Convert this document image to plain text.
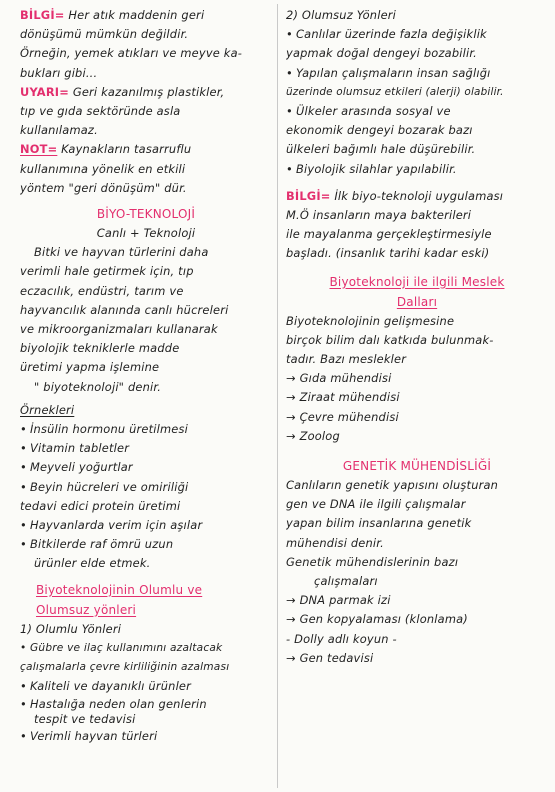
BİLGİ= Her atık maddenin geri
dönüşümü mümkün değildir.
Örneğin, yemek atıkları ve meyve ka-
bukları gibi...
UYARI= Geri kazanılmış plastikler,
tıp ve gıda sektöründe asla
kullanılamaz.
NOT= Kaynakların tasarruflu
kullanımına yönelik en etkili
yöntem "geri dönüşüm" dür.
BİYO-TEKNOLOJİ
Canlı + Teknoloji
Bitki ve hayvan türlerini daha
verimli hale getirmek için, tıp
eczacılık, endüstri, tarım ve
hayvancılık alanında canlı hücreleri
ve mikroorganizmaları kullanarak
biyolojik tekniklerle madde
üretimi yapma işlemine
" biyoteknoloji" denir.
Örnekleri
• İnsülin hormonu üretilmesi
• Vitamin tabletler
• Meyveli yoğurtlar
• Beyin hücreleri ve omiriliği
tedavi edici protein üretimi
• Hayvanlarda verim için aşılar
• Bitkilerde raf ömrü uzun
ürünler elde etmek.
Biyoteknolojinin Olumlu ve
Olumsuz yönleri
1) Olumlu Yönleri
• Gübre ve ilaç kullanımını azaltacak
çalışmalarla çevre kirliliğinin azalması
• Kaliteli ve dayanıklı ürünler
• Hastalığa neden olan genlerin
tespit ve tedavisi
• Verimli hayvan türleri
2) Olumsuz Yönleri
• Canlılar üzerinde fazla değişiklik
yapmak doğal dengeyi bozabilir.
• Yapılan çalışmaların insan sağlığı
üzerinde olumsuz etkileri (alerji) olabilir.
• Ülkeler arasında sosyal ve
ekonomik dengeyi bozarak bazı
ülkeleri bağımlı hale düşürebilir.
• Biyolojik silahlar yapılabilir.
BİLGİ= İlk biyo-teknoloji uygulaması
M.Ö insanların maya bakterileri
ile mayalanma gerçekleştirmesiyle
başladı. (insanlık tarihi kadar eski)
Biyoteknoloji ile ilgili Meslek
Dalları
Biyoteknolojinin gelişmesine
birçok bilim dalı katkıda bulunmak-
tadır. Bazı meslekler
→ Gıda mühendisi
→ Ziraat mühendisi
→ Çevre mühendisi
→ Zoolog
GENETİK MÜHENDİSLİĞİ
Canlıların genetik yapısını oluşturan
gen ve DNA ile ilgili çalışmalar
yapan bilim insanlarına genetik
mühendisi denir.
Genetik mühendislerinin bazı
çalışmaları
→ DNA parmak izi
→ Gen kopyalaması (klonlama)
- Dolly adlı koyun -
→ Gen tedavisi
